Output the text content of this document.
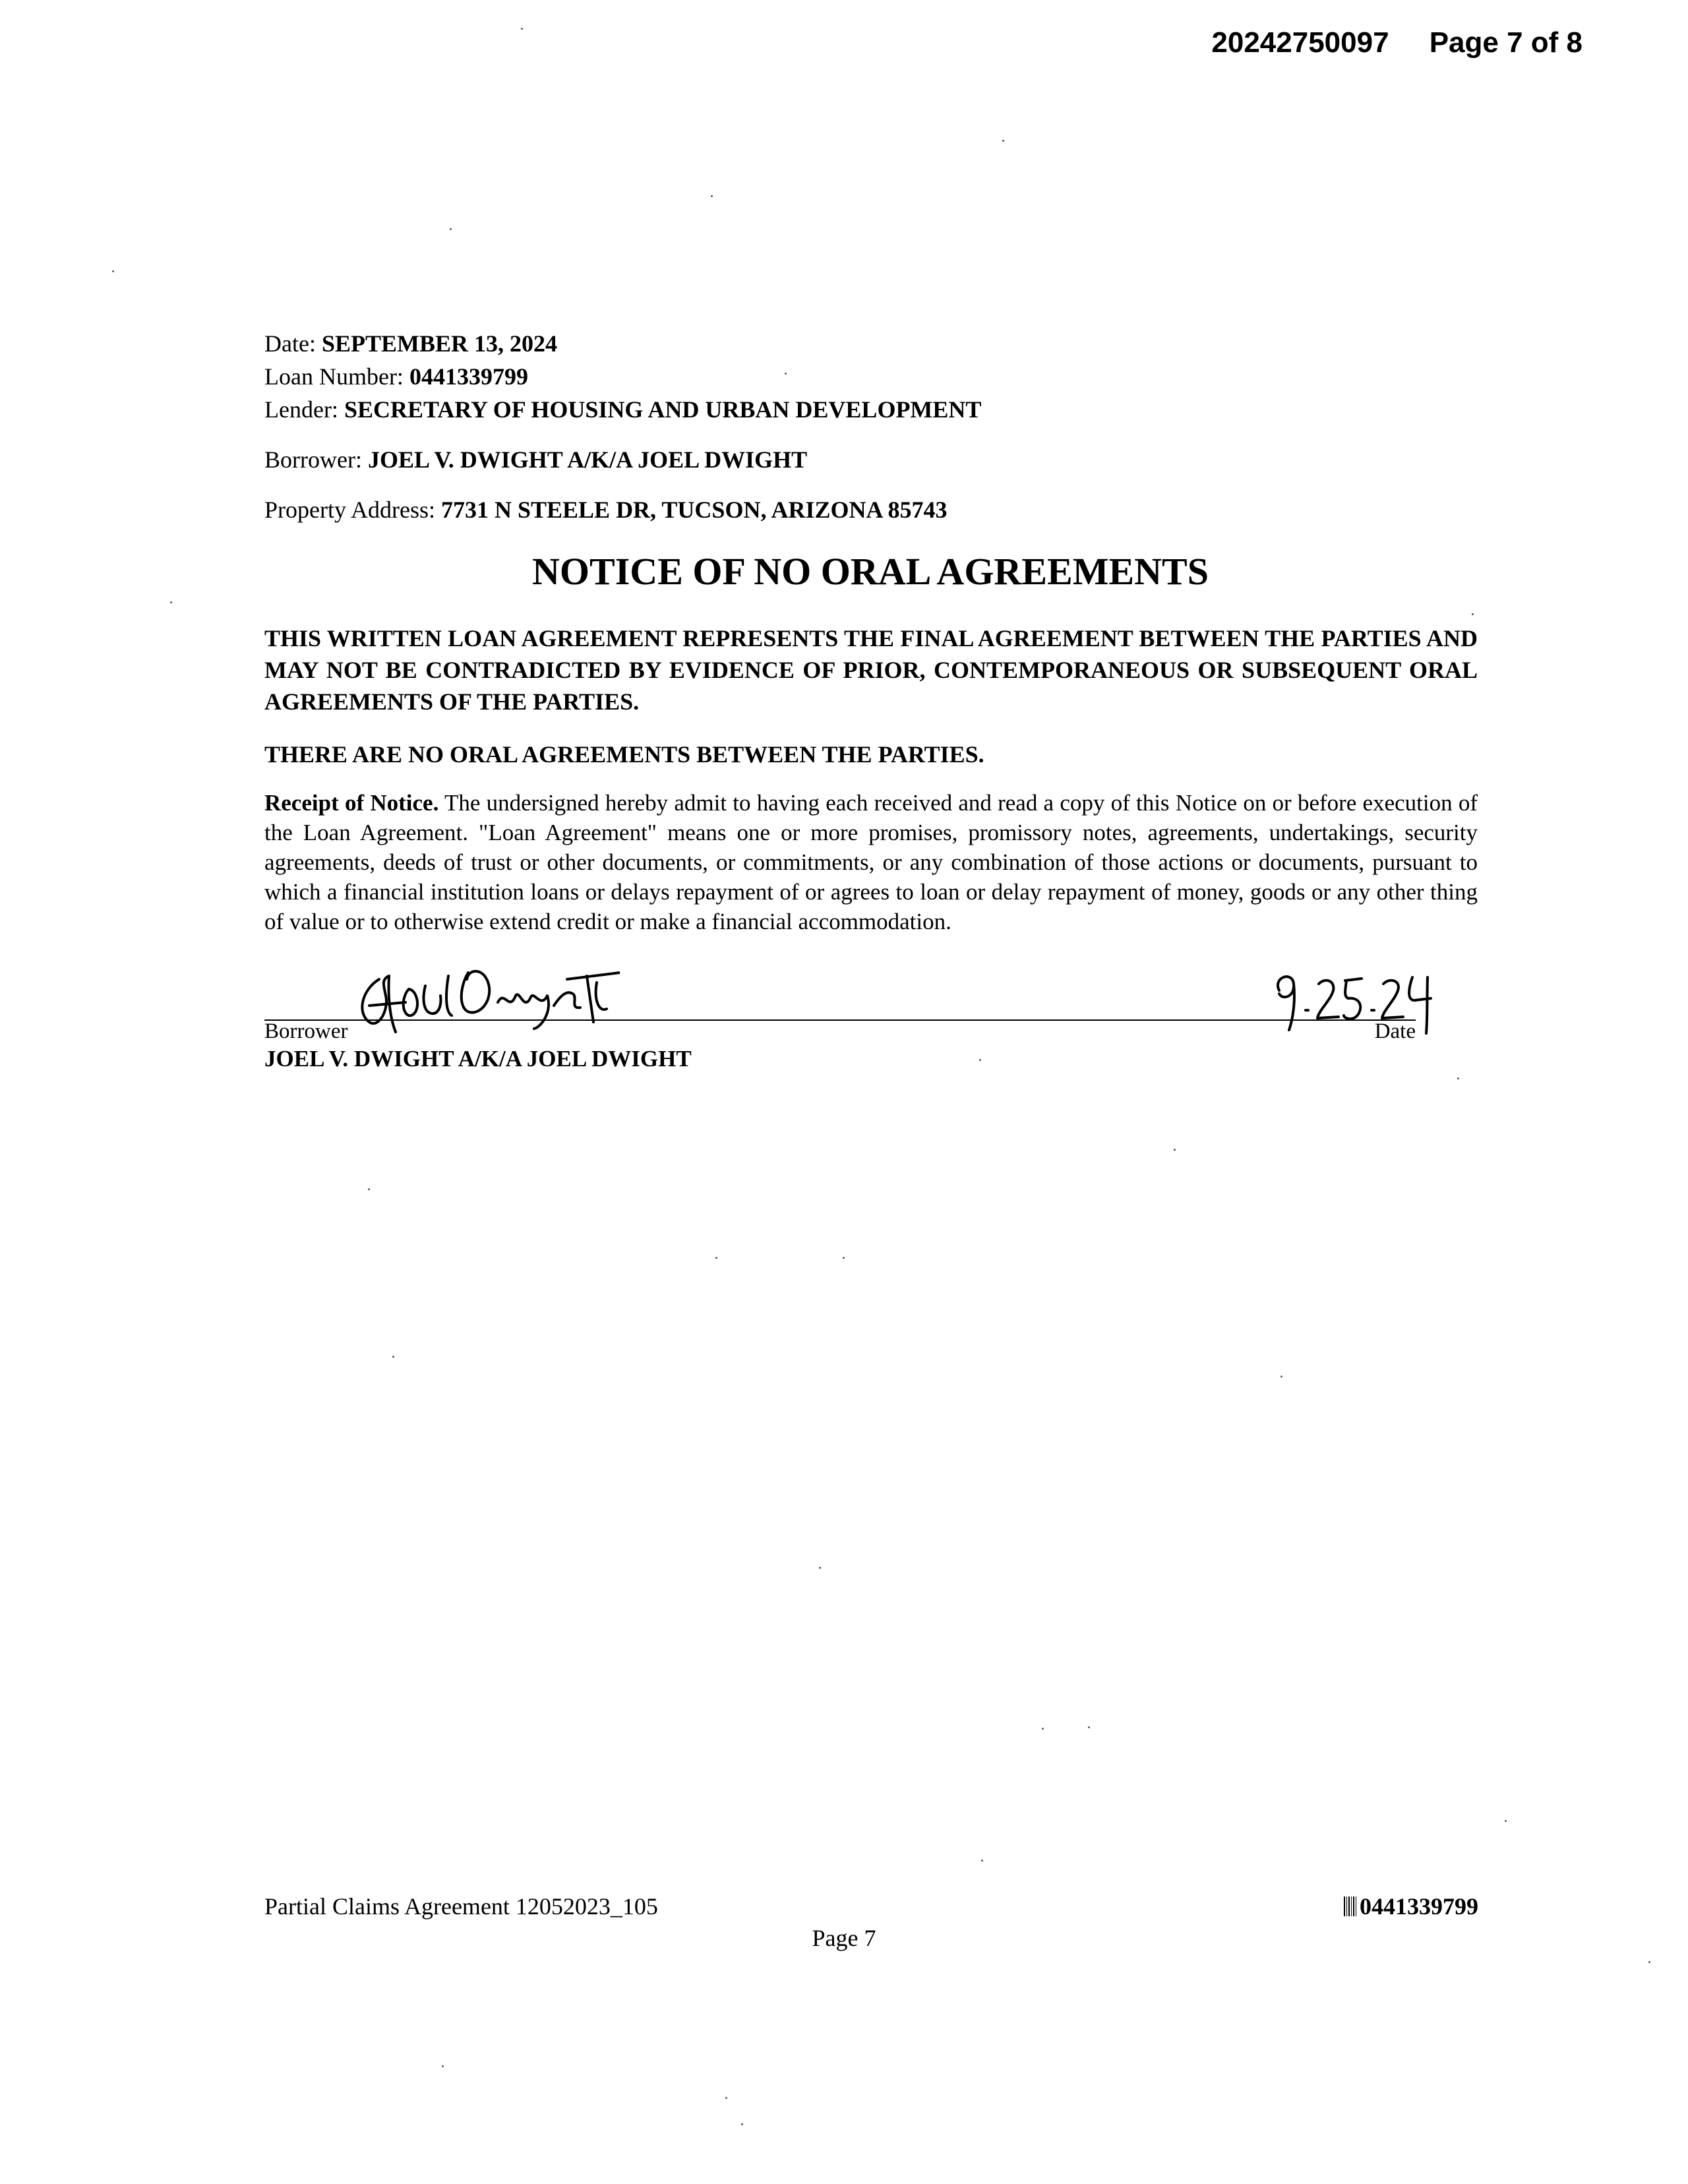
20242750097 Page 7 of 8
Date: SEPTEMBER 13, 2024
Loan Number: 0441339799
Lender: SECRETARY OF HOUSING AND URBAN DEVELOPMENT
Borrower: JOEL V. DWIGHT A/K/A JOEL DWIGHT
Property Address: 7731 N STEELE DR, TUCSON, ARIZONA 85743
NOTICE OF NO ORAL AGREEMENTS
THIS WRITTEN LOAN AGREEMENT REPRESENTS THE FINAL AGREEMENT BETWEEN THE PARTIES AND MAY NOT BE CONTRADICTED BY EVIDENCE OF PRIOR, CONTEMPORANEOUS OR SUBSEQUENT ORAL AGREEMENTS OF THE PARTIES.
THERE ARE NO ORAL AGREEMENTS BETWEEN THE PARTIES.
Receipt of Notice. The undersigned hereby admit to having each received and read a copy of this Notice on or before execution of the Loan Agreement. "Loan Agreement" means one or more promises, promissory notes, agreements, undertakings, security agreements, deeds of trust or other documents, or commitments, or any combination of those actions or documents, pursuant to which a financial institution loans or delays repayment of or agrees to loan or delay repayment of money, goods or any other thing of value or to otherwise extend credit or make a financial accommodation.
Borrower	Date
JOEL V. DWIGHT A/K/A JOEL DWIGHT
Partial Claims Agreement 12052023_105
Page 7
0441339799
